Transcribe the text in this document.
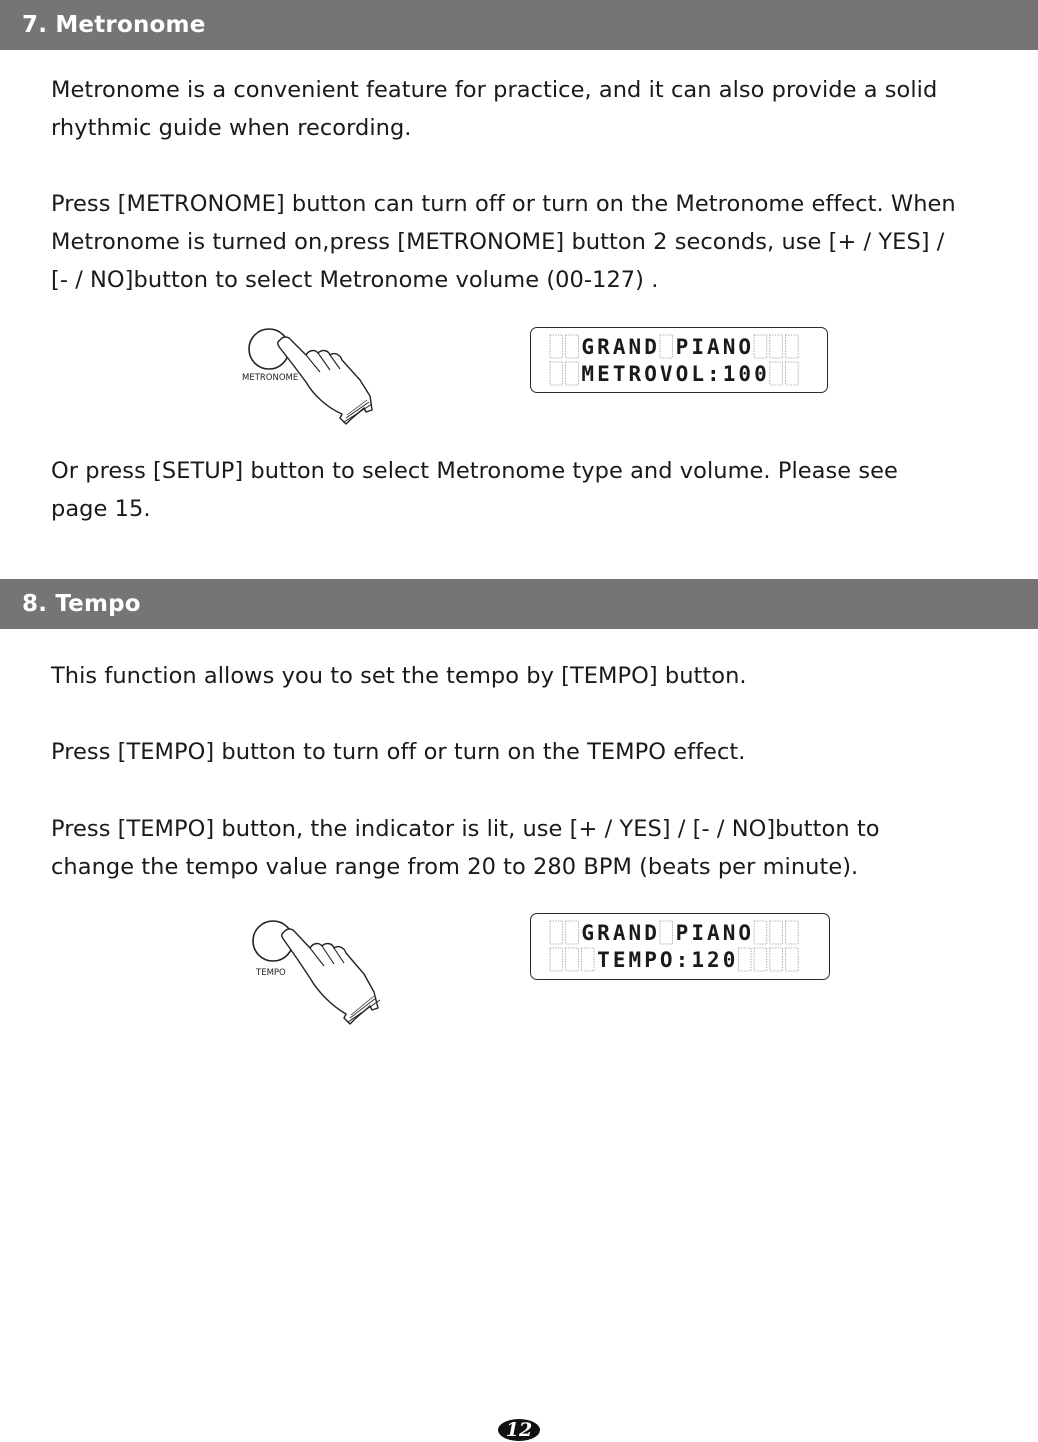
7. Metronome

Metronome is a convenient feature for practice, and it can also provide a solid
rhythmic guide when recording.

Press [METRONOME] button can turn off or turn on the Metronome effect. When
Metronome is turned on,press [METRONOME] button 2 seconds, use [+ / YES] /
[- / NO]button to select Metronome volume (00-127) .

METRONOME
G R A N D P I A N O
M E T R O V O L : 1 0 0

Or press [SETUP] button to select Metronome type and volume. Please see
page 15.

8. Tempo

This function allows you to set the tempo by [TEMPO] button.

Press [TEMPO] button to turn off or turn on the TEMPO effect.

Press [TEMPO] button, the indicator is lit, use [+ / YES] / [- / NO]button to
change the tempo value range from 20 to 280 BPM (beats per minute).

TEMPO
G R A N D P I A N O
T E M P O : 1 2 0
12
